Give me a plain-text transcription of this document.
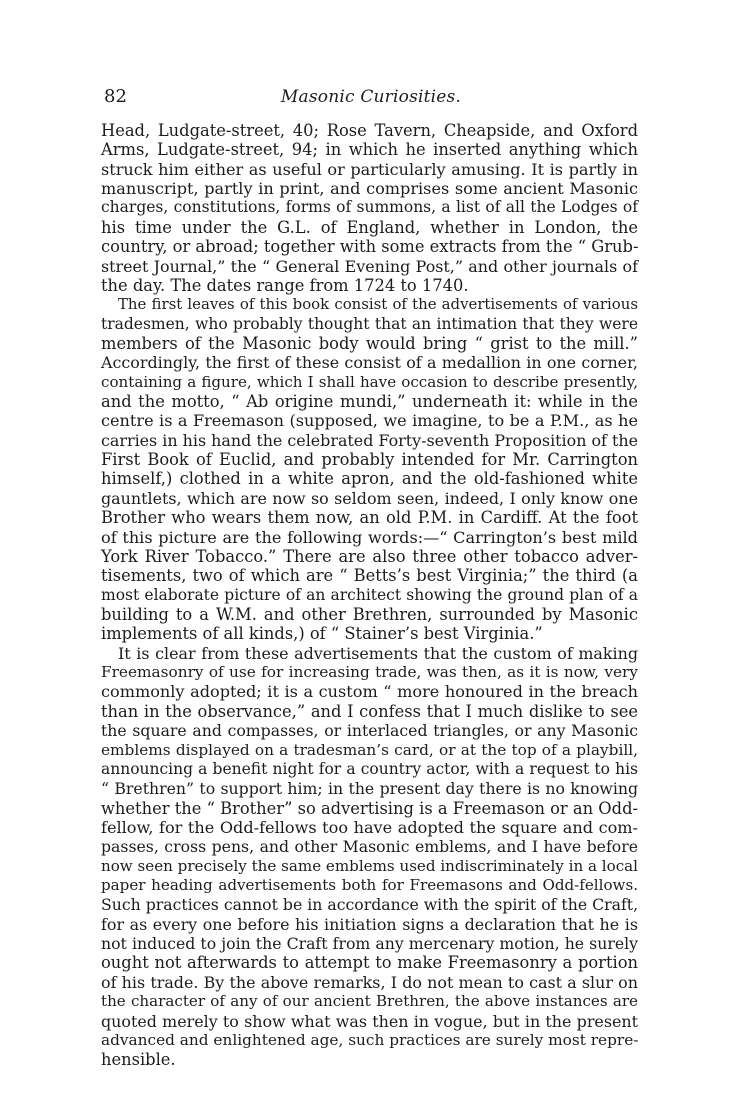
82	Masonic Curiosities.
Head, Ludgate-street, 40; Rose Tavern, Cheapside, and Oxford
Arms, Ludgate-street, 94; in which he inserted anything which
struck him either as useful or particularly amusing. It is partly in
manuscript, partly in print, and comprises some ancient Masonic
charges, constitutions, forms of summons, a list of all the Lodges of
his time under the G.L. of England, whether in London, the
country, or abroad; together with some extracts from the “ Grub-
street Journal,” the “ General Evening Post,” and other journals of
the day. The dates range from 1724 to 1740.
The first leaves of this book consist of the advertisements of various
tradesmen, who probably thought that an intimation that they were
members of the Masonic body would bring “ grist to the mill.”
Accordingly, the first of these consist of a medallion in one corner,
containing a figure, which I shall have occasion to describe presently,
and the motto, “ Ab origine mundi,” underneath it: while in the
centre is a Freemason (supposed, we imagine, to be a P.M., as he
carries in his hand the celebrated Forty-seventh Proposition of the
First Book of Euclid, and probably intended for Mr. Carrington
himself,) clothed in a white apron, and the old-fashioned white
gauntlets, which are now so seldom seen, indeed, I only know one
Brother who wears them now, an old P.M. in Cardiff. At the foot
of this picture are the following words:—“ Carrington’s best mild
York River Tobacco.” There are also three other tobacco adver-
tisements, two of which are “ Betts’s best Virginia;” the third (a
most elaborate picture of an architect showing the ground plan of a
building to a W.M. and other Brethren, surrounded by Masonic
implements of all kinds,) of “ Stainer’s best Virginia.”
It is clear from these advertisements that the custom of making
Freemasonry of use for increasing trade, was then, as it is now, very
commonly adopted; it is a custom “ more honoured in the breach
than in the observance,” and I confess that I much dislike to see
the square and compasses, or interlaced triangles, or any Masonic
emblems displayed on a tradesman’s card, or at the top of a playbill,
announcing a benefit night for a country actor, with a request to his
“ Brethren” to support him; in the present day there is no knowing
whether the “ Brother” so advertising is a Freemason or an Odd-
fellow, for the Odd-fellows too have adopted the square and com-
passes, cross pens, and other Masonic emblems, and I have before
now seen precisely the same emblems used indiscriminately in a local
paper heading advertisements both for Freemasons and Odd-fellows.
Such practices cannot be in accordance with the spirit of the Craft,
for as every one before his initiation signs a declaration that he is
not induced to join the Craft from any mercenary motion, he surely
ought not afterwards to attempt to make Freemasonry a portion
of his trade. By the above remarks, I do not mean to cast a slur on
the character of any of our ancient Brethren, the above instances are
quoted merely to show what was then in vogue, but in the present
advanced and enlightened age, such practices are surely most repre-
hensible.
